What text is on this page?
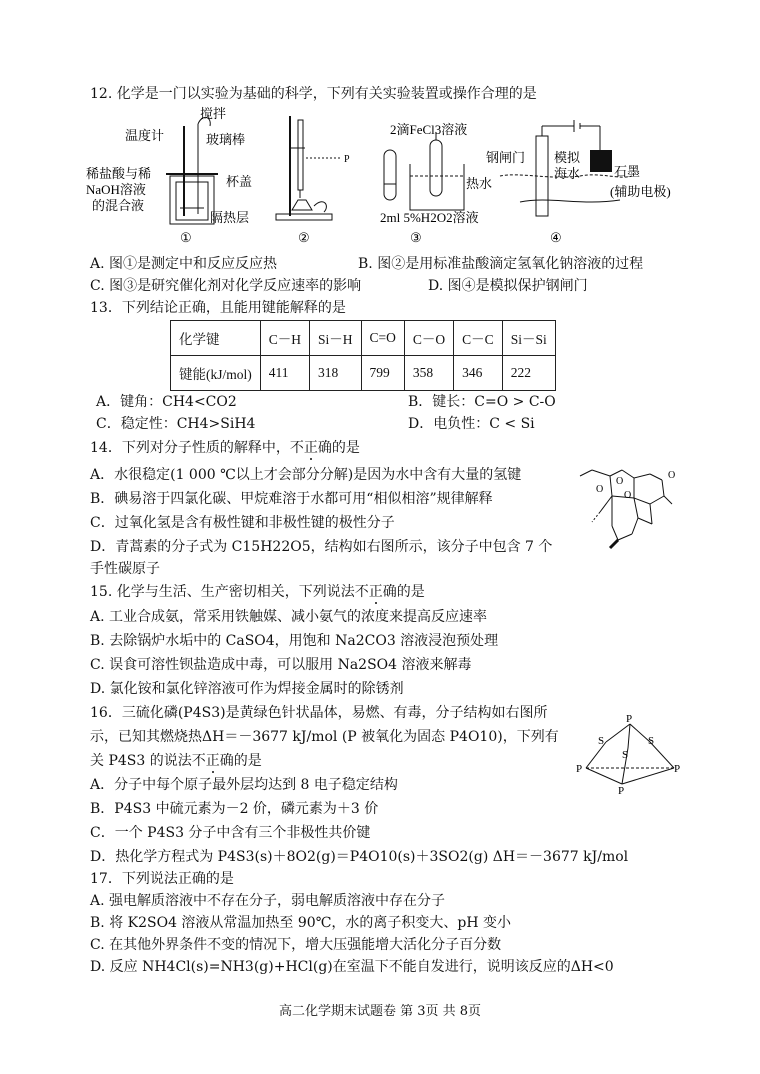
12. 化学是一门以实验为基础的科学，下列有关实验装置或操作合理的是
搅拌
玻璃棒
温度计
杯盖
稀盐酸与稀
NaOH溶液
的混合液
隔热层
①
P
②
2滴FeCl3溶液
热水
2ml 5%H2O2溶液
③
钢闸门 模拟
海水	石墨
(辅助电极)
④
A. 图①是测定中和反应反应热	B. 图②是用标准盐酸滴定氢氧化钠溶液的过程
C. 图③是研究催化剂对化学反应速率的影响	D. 图④是模拟保护钢闸门
13．下列结论正确，且能用键能解释的是
化学键	C－H	Si－H	C=O	C－O	C－C	Si－Si
键能(kJ/mol)	411	318	799	358	346	222
A．键角：CH4<CO2	B．键长：C=O > C-O
C．稳定性：CH4>SiH4	D．电负性：C < Si
14．下列对分子性质的解释中，不正确的是
A．水很稳定(1 000 ℃以上才会部分分解)是因为水中含有大量的氢键
B．碘易溶于四氯化碳、甲烷难溶于水都可用“相似相溶”规律解释
C．过氧化氢是含有极性键和非极性键的极性分子
D．青蒿素的分子式为 C15H22O5，结构如右图所示，该分子中包含 7 个
手性碳原子
O
O
O
O
15. 化学与生活、生产密切相关，下列说法不正确的是
A. 工业合成氨，常采用铁触媒、减小氨气的浓度来提高反应速率
B. 去除锅炉水垢中的 CaSO4，用饱和 Na2CO3 溶液浸泡预处理
C. 误食可溶性钡盐造成中毒，可以服用 Na2SO4 溶液来解毒
D. 氯化铵和氯化锌溶液可作为焊接金属时的除锈剂
16．三硫化磷(P4S3)是黄绿色针状晶体，易燃、有毒，分子结构如右图所
示，已知其燃烧热ΔH＝－3677 kJ/mol (P 被氧化为固态 P4O10)，下列有
关 P4S3 的说法不正确的是
A．分子中每个原子最外层均达到 8 电子稳定结构
B．P4S3 中硫元素为－2 价，磷元素为＋3 价
C．一个 P4S3 分子中含有三个非极性共价键
D．热化学方程式为 P4S3(s)＋8O2(g)＝P4O10(s)＋3SO2(g) ΔH＝－3677 kJ/mol
P
S	S
S
P	P
P
17．下列说法正确的是
A. 强电解质溶液中不存在分子，弱电解质溶液中存在分子
B. 将 K2SO4 溶液从常温加热至 90℃，水的离子积变大、pH 变小
C. 在其他外界条件不变的情况下，增大压强能增大活化分子百分数
D. 反应 NH4Cl(s)=NH3(g)+HCl(g)在室温下不能自发进行，说明该反应的ΔH<0
高二化学期末试题卷 第 3页 共 8页
